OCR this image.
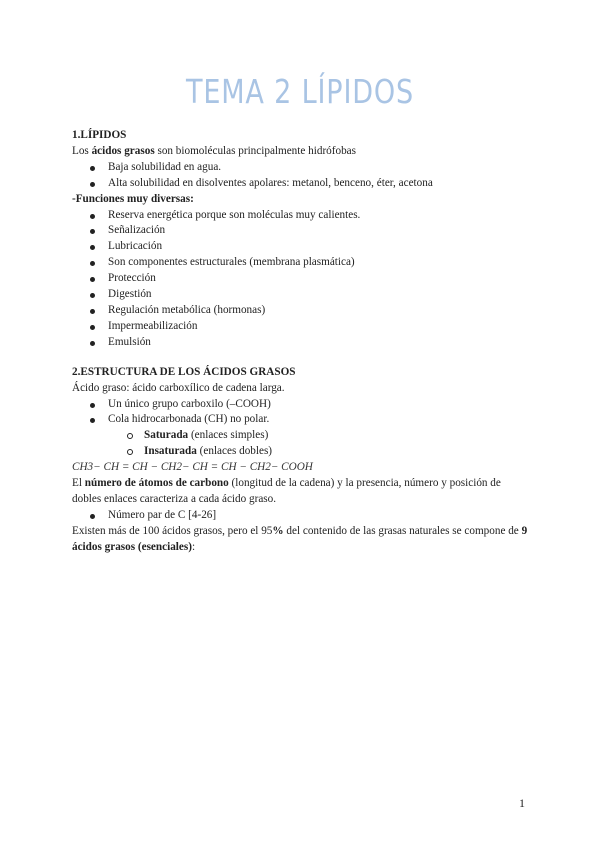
TEMA 2 LÍPIDOS
1.LÍPIDOS
Los ácidos grasos son biomoléculas principalmente hidrófobas
Baja solubilidad en agua.
Alta solubilidad en disolventes apolares: metanol, benceno, éter, acetona
-Funciones muy diversas:
Reserva energética porque son moléculas muy calientes.
Señalización
Lubricación
Son componentes estructurales (membrana plasmática)
Protección
Digestión
Regulación metabólica (hormonas)
Impermeabilización
Emulsión
2.ESTRUCTURA DE LOS ÁCIDOS GRASOS
Ácido graso: ácido carboxílico de cadena larga.
Un único grupo carboxilo (–COOH)
Cola hidrocarbonada (CH) no polar.
Saturada (enlaces simples)
Insaturada (enlaces dobles)
CH3− CH = CH − CH2− CH = CH − CH2− COOH
El número de átomos de carbono (longitud de la cadena) y la presencia, número y posición de dobles enlaces caracteriza a cada ácido graso.
Número par de C [4-26]
Existen más de 100 ácidos grasos, pero el 95% del contenido de las grasas naturales se compone de 9 ácidos grasos (esenciales):
1
